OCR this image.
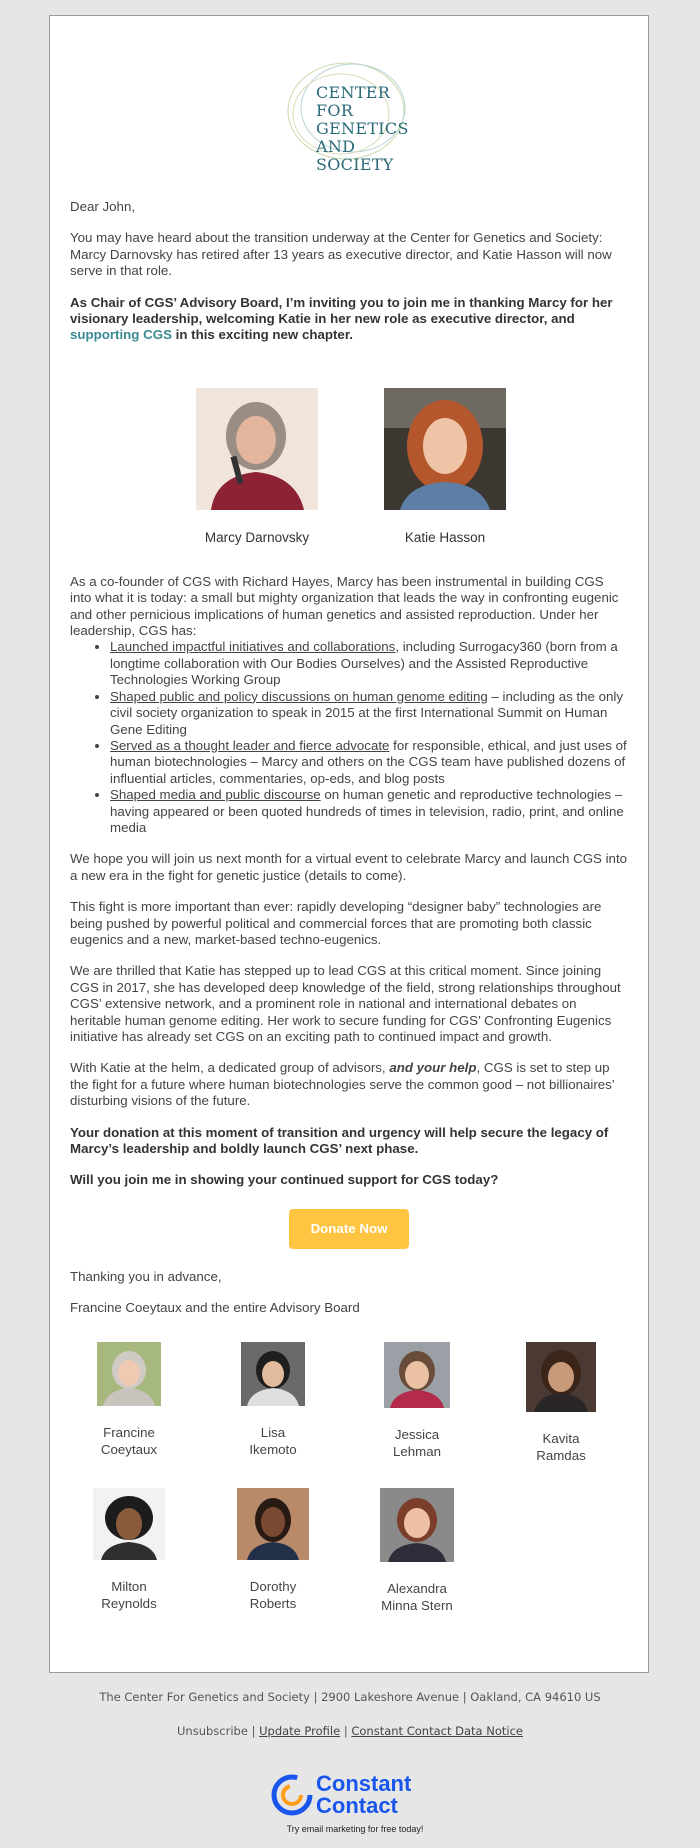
CENTER FOR
GENETICS
AND SOCIETY

Dear John,

You may have heard about the transition underway at the Center for Genetics and Society: Marcy Darnovsky has retired after 13 years as executive director, and Katie Hasson will now serve in that role.

As Chair of CGS’ Advisory Board, I’m inviting you to join me in thanking Marcy for her visionary leadership, welcoming Katie in her new role as executive director, and supporting CGS in this exciting new chapter.

Marcy Darnovsky	Katie Hasson
As a co-founder of CGS with Richard Hayes, Marcy has been instrumental in building CGS into what it is today: a small but mighty organization that leads the way in confronting eugenic and other pernicious implications of human genetics and assisted reproduction. Under her leadership, CGS has:
• Launched impactful initiatives and collaborations, including Surrogacy360 (born from a longtime collaboration with Our Bodies Ourselves) and the Assisted Reproductive Technologies Working Group
• Shaped public and policy discussions on human genome editing – including as the only civil society organization to speak in 2015 at the first International Summit on Human Gene Editing
• Served as a thought leader and fierce advocate for responsible, ethical, and just uses of human biotechnologies – Marcy and others on the CGS team have published dozens of influential articles, commentaries, op-eds, and blog posts
• Shaped media and public discourse on human genetic and reproductive technologies – having appeared or been quoted hundreds of times in television, radio, print, and online media

We hope you will join us next month for a virtual event to celebrate Marcy and launch CGS into a new era in the fight for genetic justice (details to come).

This fight is more important than ever: rapidly developing “designer baby” technologies are being pushed by powerful political and commercial forces that are promoting both classic eugenics and a new, market-based techno-eugenics.

We are thrilled that Katie has stepped up to lead CGS at this critical moment. Since joining CGS in 2017, she has developed deep knowledge of the field, strong relationships throughout CGS’ extensive network, and a prominent role in national and international debates on heritable human genome editing. Her work to secure funding for CGS’ Confronting Eugenics initiative has already set CGS on an exciting path to continued impact and growth.

With Katie at the helm, a dedicated group of advisors, and your help, CGS is set to step up the fight for a future where human biotechnologies serve the common good – not billionaires’ disturbing visions of the future.

Your donation at this moment of transition and urgency will help secure the legacy of Marcy’s leadership and boldly launch CGS’ next phase.

Will you join me in showing your continued support for CGS today?

Donate Now

Thanking you in advance,

Francine Coeytaux and the entire Advisory Board

Francine
Coeytaux
Lisa
Ikemoto
Jessica
Lehman
Kavita
Ramdas
Milton
Reynolds
Dorothy
Roberts
Alexandra
Minna Stern
The Center For Genetics and Society | 2900 Lakeshore Avenue | Oakland, CA 94610 US
Unsubscribe | Update Profile | Constant Contact Data Notice
Constant
Contact
Try email marketing for free today!
